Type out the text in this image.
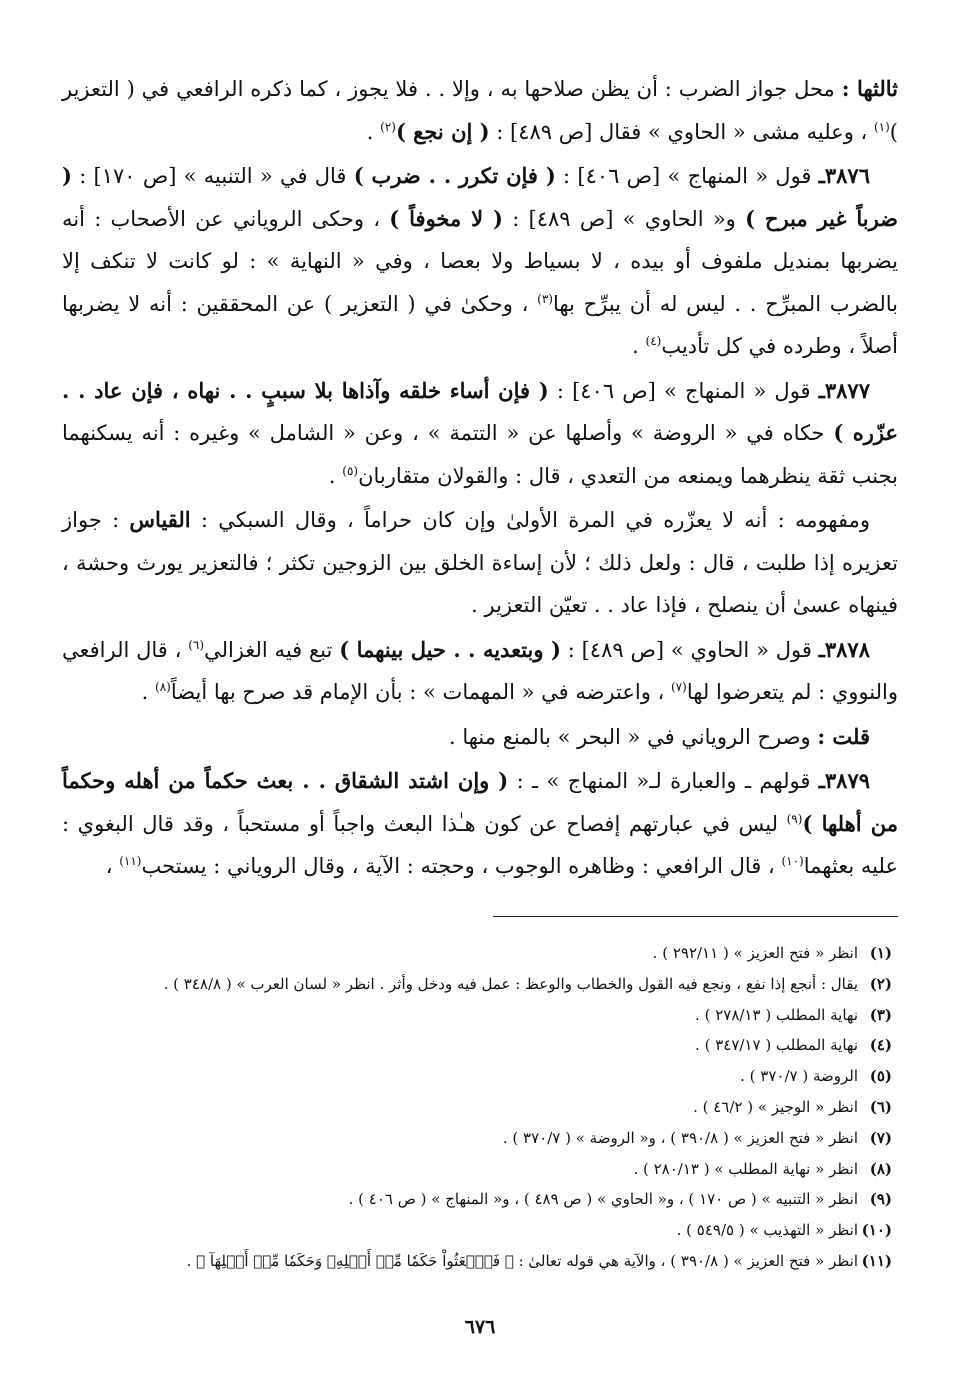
ثالثها : محل جواز الضرب : أن يظن صلاحها به ، وإلا . . فلا يجوز ، كما ذكره الرافعي في ( التعزير )$^{(١)}$ ، وعليه مشى « الحاوي » فقال [ص ٤٨٩] : ( إن نجع )$^{(٢)}$ .

٣٨٧٦ـ قول « المنهاج » [ص ٤٠٦] : ( فإن تكرر . . ضرب ) قال في « التنبيه » [ص ١٧٠] : ( ضرباً غير مبرح ) و« الحاوي » [ص ٤٨٩] : ( لا مخوفاً ) ، وحكى الروياني عن الأصحاب : أنه يضربها بمنديل ملفوف أو بيده ، لا بسياط ولا بعصا ، وفي « النهاية » : لو كانت لا تنكف إلا بالضرب المبرِّح . . ليس له أن يبرِّح بها$^{(٣)}$ ، وحكىٰ في ( التعزير ) عن المحققين : أنه لا يضربها أصلاً ، وطرده في كل تأديب$^{(٤)}$ .

٣٨٧٧ـ قول « المنهاج » [ص ٤٠٦] : ( فإن أساء خلقه وآذاها بلا سببٍ . . نهاه ، فإن عاد . . عزّره ) حكاه في « الروضة » وأصلها عن « التتمة » ، وعن « الشامل » وغيره : أنه يسكنهما بجنب ثقة ينظرهما ويمنعه من التعدي ، قال : والقولان متقاربان$^{(٥)}$ .

ومفهومه : أنه لا يعزّره في المرة الأولىٰ وإن كان حراماً ، وقال السبكي : القياس : جواز تعزيره إذا طلبت ، قال : ولعل ذلك ؛ لأن إساءة الخلق بين الزوجين تكثر ؛ فالتعزير يورث وحشة ، فينهاه عسىٰ أن ينصلح ، فإذا عاد . . تعيّن التعزير .

٣٨٧٨ـ قول « الحاوي » [ص ٤٨٩] : ( وبتعديه . . حيل بينهما ) تبع فيه الغزالي$^{(٦)}$ ، قال الرافعي والنووي : لم يتعرضوا لها$^{(٧)}$ ، واعترضه في « المهمات » : بأن الإمام قد صرح بها أيضاً$^{(٨)}$ .

قلت : وصرح الروياني في « البحر » بالمنع منها .

٣٨٧٩ـ قولهم ـ والعبارة لـ« المنهاج » ـ : ( وإن اشتد الشقاق . . بعث حكماً من أهله وحكماً من أهلها )$^{(٩)}$ ليس في عبارتهم إفصاح عن كون هـٰذا البعث واجباً أو مستحباً ، وقد قال البغوي : عليه بعثهما$^{(١٠)}$ ، قال الرافعي : وظاهره الوجوب ، وحجته : الآية ، وقال الروياني : يستحب$^{(١١)}$ ،

(١)انظر « فتح العزيز » ( ٢٩٢/١١ ) .
(٢)يقال : أنجع إذا نفع ، ونجع فيه القول والخطاب والوعظ : عمل فيه ودخل وأثر . انظر « لسان العرب » ( ٣٤٨/٨ ) .
(٣)نهاية المطلب ( ٢٧٨/١٣ ) .
(٤)نهاية المطلب ( ٣٤٧/١٧ ) .
(٥)الروضة ( ٣٧٠/٧ ) .
(٦)انظر « الوجيز » ( ٤٦/٢ ) .
(٧)انظر « فتح العزيز » ( ٣٩٠/٨ ) ، و« الروضة » ( ٣٧٠/٧ ) .
(٨)انظر « نهاية المطلب » ( ٢٨٠/١٣ ) .
(٩)انظر « التنبيه » ( ص ١٧٠ ) ، و« الحاوي » ( ص ٤٨٩ ) ، و« المنهاج » ( ص ٤٠٦ ) .
(١٠)انظر « التهذيب » ( ٥٤٩/٥ ) .
(١١)انظر « فتح العزيز » ( ٣٩٠/٨ ) ، والآية هي قوله تعالىٰ : ﴿ فَٱبۡعَثُواْ حَكَمٗا مِّنۡ أَهۡلِهِۦ وَحَكَمٗا مِّنۡ أَهۡلِهَآ ﴾ .
٦٧٦
